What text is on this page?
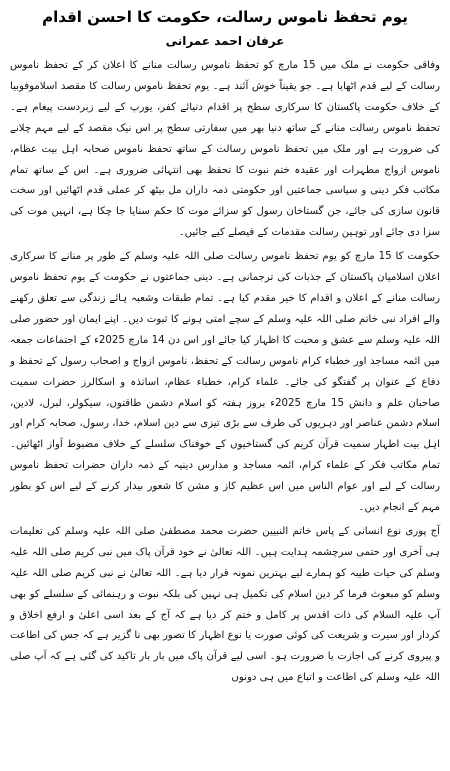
یوم تحفظ ناموس رسالت، حکومت کا احسن اقدام
عرفان احمد عمرانی

وفاقی حکومت نے ملک میں 15 مارچ کو تحفظ ناموس رسالت منانے کا اعلان کر کے تحفظ ناموس رسالت کے لیے قدم اٹھایا ہے۔ جو یقیناً خوش آئند ہے۔ یوم تحفظ ناموس رسالت کا مقصد اسلاموفوبیا کے خلاف حکومت پاکستان کا سرکاری سطح پر اقدام دنیائے کفر، یورپ کے لیے زبردست پیغام ہے۔ تحفظ ناموس رسالت منانے کے ساتھ دنیا بھر میں سفارتی سطح پر اس نیک مقصد کے لیے مہم چلانے کی ضرورت ہے اور ملک میں تحفظ ناموس رسالت کے ساتھ تحفظ ناموس صحابہ اہل بیت عظام، ناموس ازواج مطہرات اور عقیدہ ختم نبوت کا تحفظ بھی انتہائی ضروری ہے۔ اس کے ساتھ تمام مکاتب فکر دینی و سیاسی جماعتیں اور حکومتی ذمہ داران مل بیٹھ کر عملی قدم اٹھائیں اور سخت قانون سازی کی جائے، جن گستاخان رسول کو سزائے موت کا حکم سنایا جا چکا ہے، انہیں موت کی سزا دی جائے اور توہین رسالت مقدمات کے فیصلے کیے جائیں۔

حکومت کا 15 مارچ کو یوم تحفظ ناموس رسالت صلی اللہ علیہ وسلم کے طور پر منانے کا سرکاری اعلان اسلامیان پاکستان کے جذبات کی ترجمانی ہے۔ دینی جماعتوں نے حکومت کے یوم تحفظ ناموس رسالت منانے کے اعلان و اقدام کا خیر مقدم کیا ہے۔ تمام طبقات وشعبہ ہائے زندگی سے تعلق رکھنے والے افراد نبی خاتم صلی اللہ علیہ وسلم کے سچے امتی ہونے کا ثبوت دیں۔ اپنے ایمان اور حضور صلی اللہ علیہ وسلم سے عشق و محبت کا اظہار کیا جائے اور اس دن 14 مارچ 2025ء کے اجتماعات جمعہ میں ائمہ مساجد اور خطباء کرام ناموس رسالت کے تحفظ، ناموس ازواج و اصحاب رسول کے تحفظ و دفاع کے عنوان پر گفتگو کی جائے۔ علماء کرام، خطباء عظام، اساتذہ و اسکالرز حضرات سمیت صاحبان علم و دانش 15 مارچ 2025ء بروز ہفتہ کو اسلام دشمن طاقتوں، سیکولر، لبرل، لادین، اسلام دشمن عناصر اور دہریوں کی طرف سے بڑی تیزی سے دین اسلام، خدا، رسول، صحابہ کرام اور اہل بیت اطہار سمیت قرآن کریم کی گستاخیوں کے خوفناک سلسلے کے خلاف مضبوط آواز اٹھائیں۔ تمام مکاتب فکر کے علماء کرام، ائمہ مساجد و مدارس دینیہ کے ذمہ داران حضرات تحفظ ناموس رسالت کے لیے اور عوام الناس میں اس عظیم کاز و مشن کا شعور بیدار کرنے کے لیے اس کو بطور مہم کے انجام دیں۔

آج پوری نوع انسانی کے پاس خاتم النبیین حضرت محمد مصطفیٰ صلی اللہ علیہ وسلم کی تعلیمات ہی آخری اور حتمی سرچشمہ ہدایت ہیں۔ اللہ تعالیٰ نے خود قرآن پاک میں نبی کریم صلی اللہ علیہ وسلم کی حیات طیبہ کو ہمارے لیے بہترین نمونہ قرار دیا ہے۔ اللہ تعالیٰ نے نبی کریم صلی اللہ علیہ وسلم کو مبعوث فرما کر دین اسلام کی تکمیل ہی نہیں کی بلکہ نبوت و رہنمائی کے سلسلے کو بھی آپ علیہ السلام کی ذات اقدس پر کامل و ختم کر دیا ہے کہ آج کے بعد اسی اعلیٰ و ارفع اخلاق و کردار اور سیرت و شریعت کی کوئی صورت یا نوع اظہار کا تصور بھی نا گزیر ہے کہ جس کی اطاعت و پیروی کرنے کی اجازت یا ضرورت ہو۔ اسی لیے قرآن پاک میں بار بار تاکید کی گئی ہے کہ آپ صلی اللہ علیہ وسلم کی اطاعت و اتباع میں ہی دونوں
